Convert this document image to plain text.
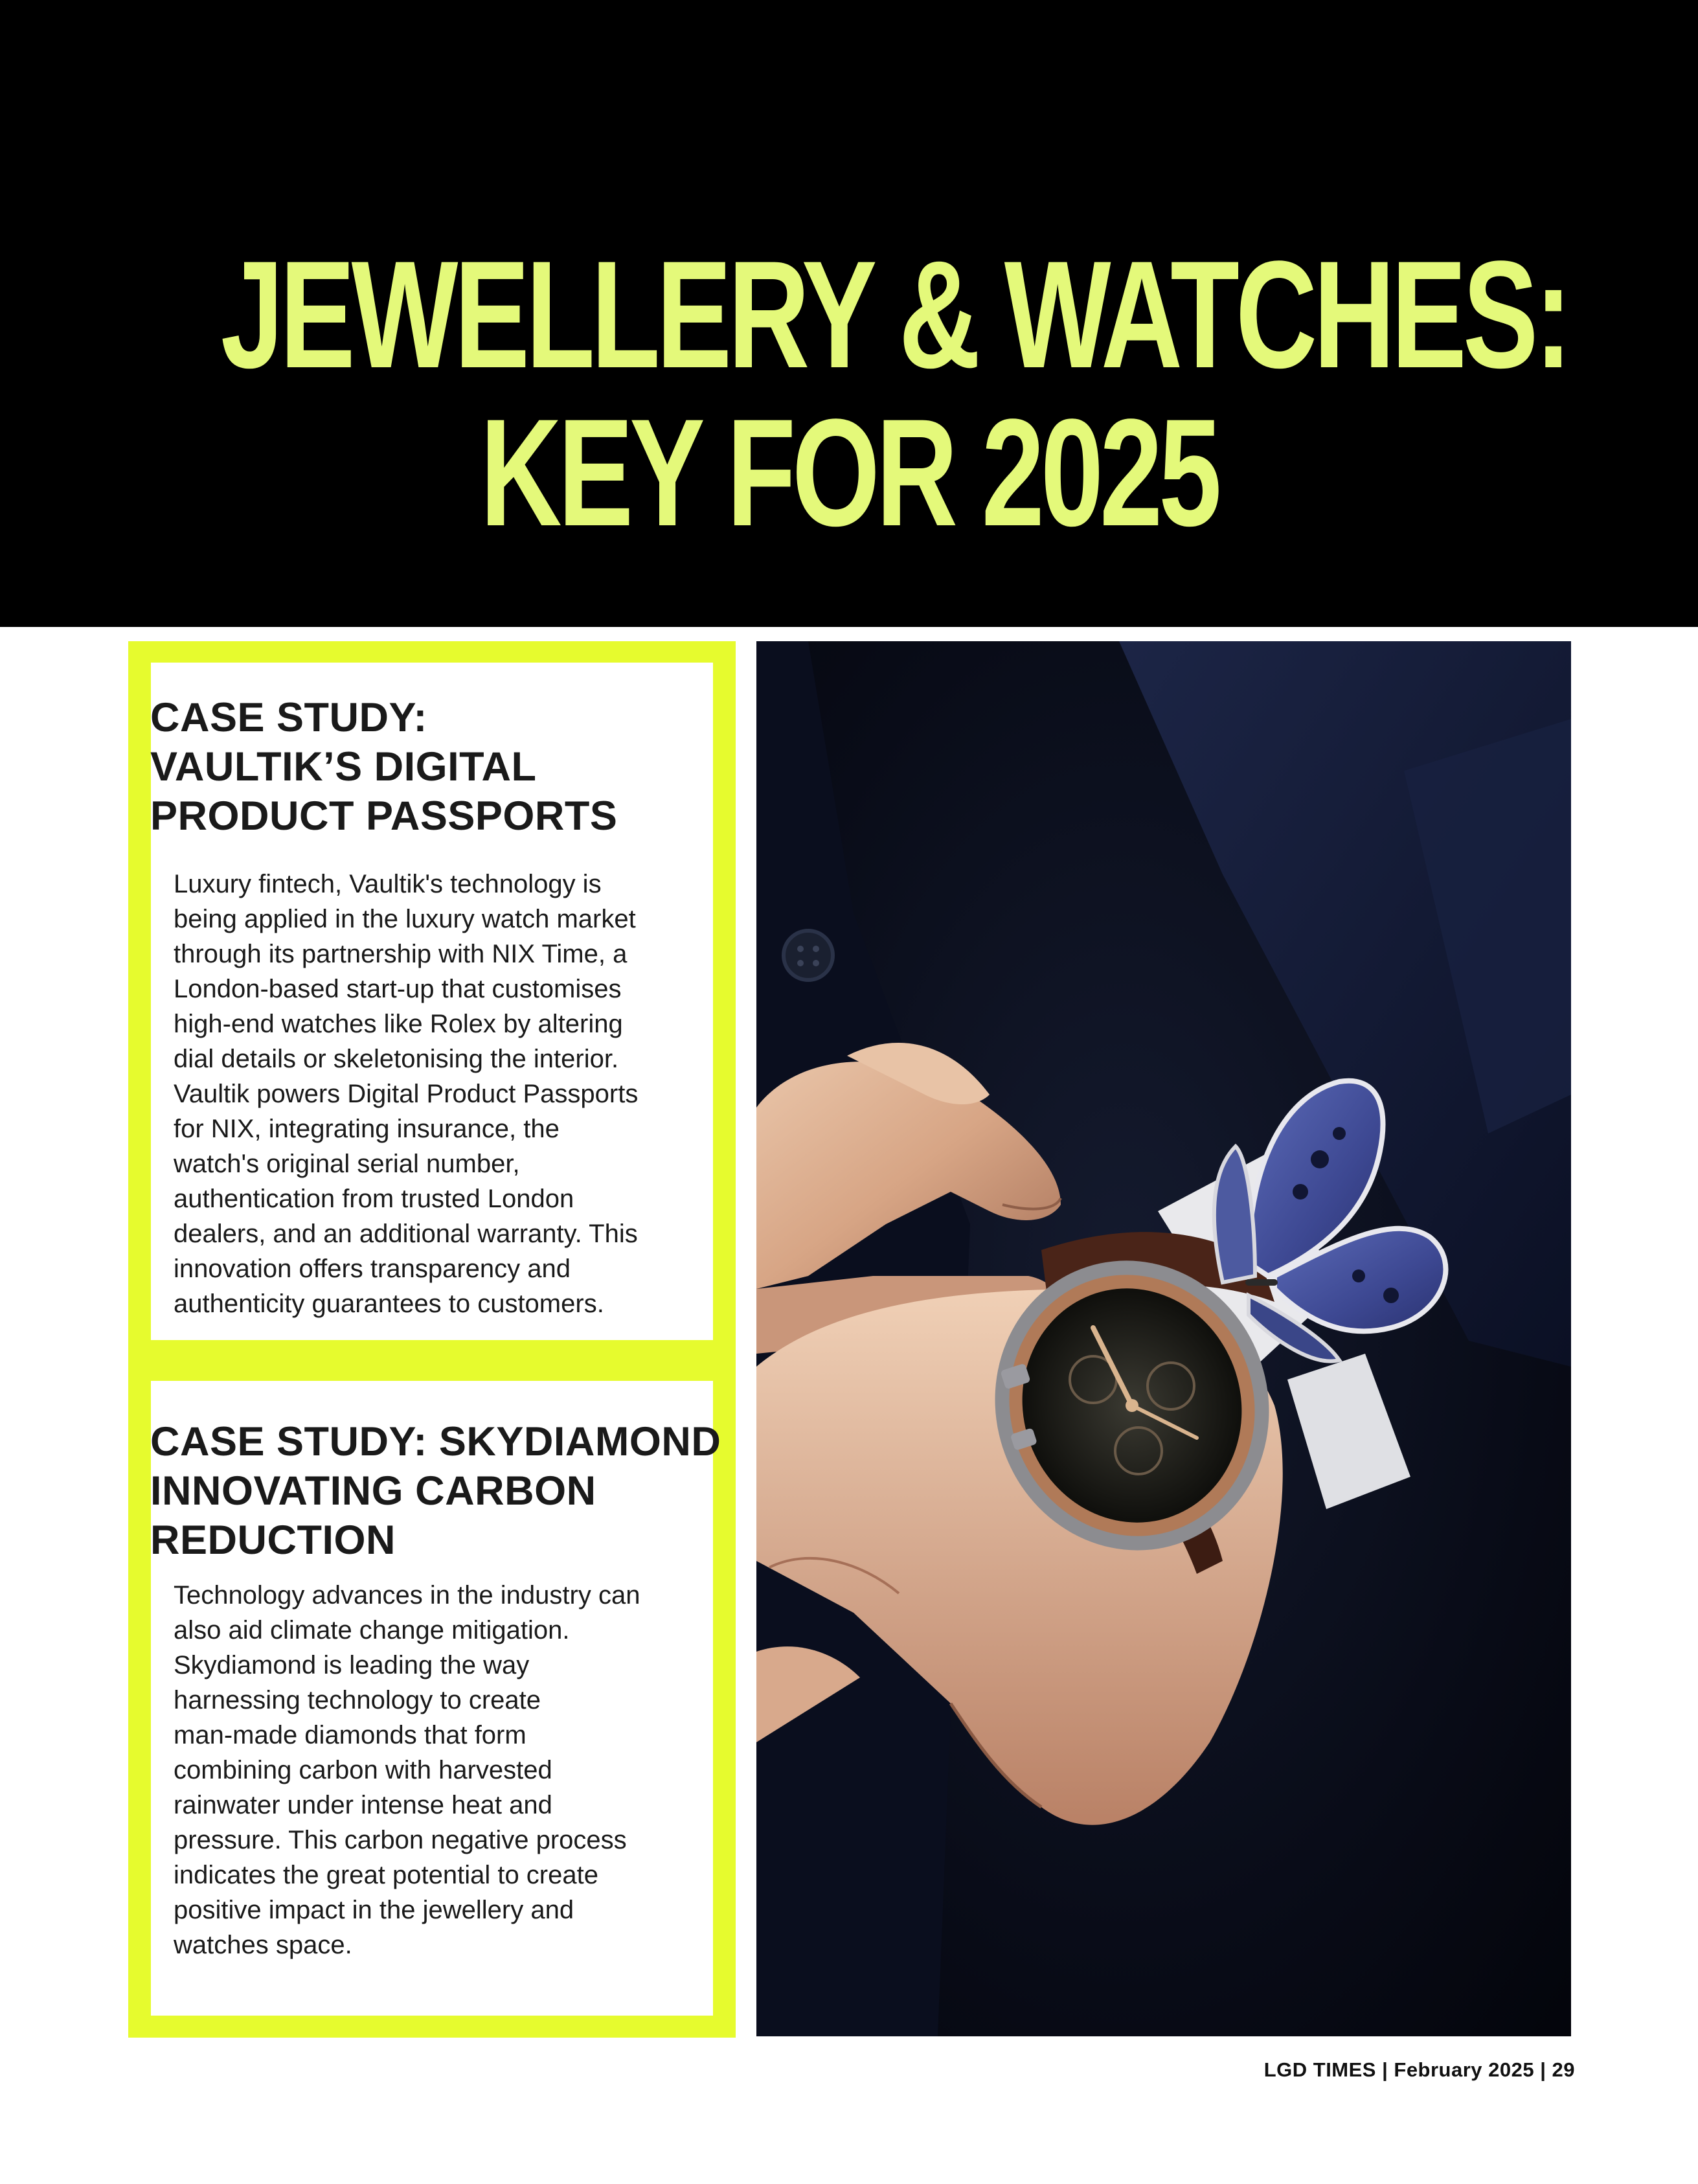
JEWELLERY & WATCHES:
KEY FOR 2025
CASE STUDY:
VAULTIK’S DIGITAL
PRODUCT PASSPORTS

Luxury fintech, Vaultik's technology is
being applied in the luxury watch market
through its partnership with NIX Time, a
London-based start-up that customises
high-end watches like Rolex by altering
dial details or skeletonising the interior.
Vaultik powers Digital Product Passports
for NIX, integrating insurance, the
watch's original serial number,
authentication from trusted London
dealers, and an additional warranty. This
innovation offers transparency and
authenticity guarantees to customers.

CASE STUDY: SKYDIAMOND
INNOVATING CARBON
REDUCTION

Technology advances in the industry can
also aid climate change mitigation.
Skydiamond is leading the way
harnessing technology to create
man-made diamonds that form
combining carbon with harvested
rainwater under intense heat and
pressure. This carbon negative process
indicates the great potential to create
positive impact in the jewellery and
watches space.

LGD TIMES | February 2025 | 29
